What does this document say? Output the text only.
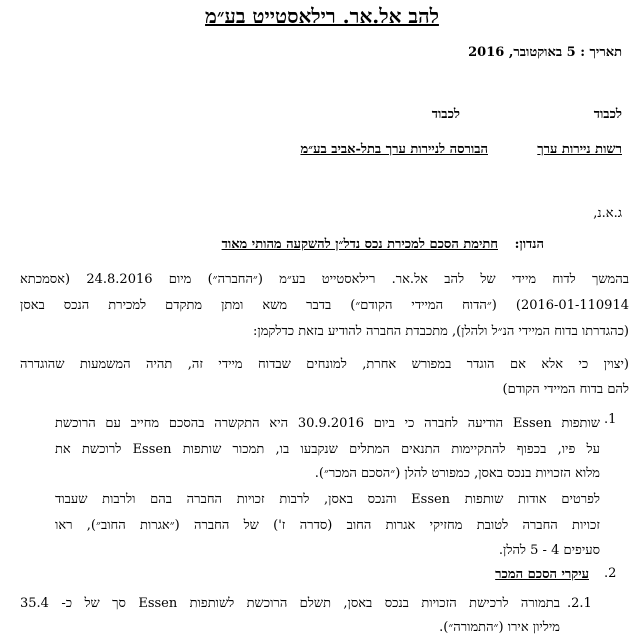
להב אל.אר. רילאסטייט בע״מ
תאריך : 5 באוקטובר, 2016
לכבוד
לכבוד
רשות ניירות ערך
הבורסה לניירות ערך בתל-אביב בע״מ
ג.א.נ,
הנדון:
חתימת הסכם למכירת נכס נדל״ן להשקעה מהותי מאוד
בהמשך לדוח מיידי של להב אל.אר. רילאסטייט בע״מ (״החברה״) מיום 24.8.2016 (אסמכתא
2016-01-110914) (״הדוח המיידי הקודם״) בדבר משא ומתן מתקדם למכירת הנכס באסן
(כהגדרתו בדוח המיידי הנ״ל ולהלן), מתכבדת החברה להודיע בזאת כדלקמן:
(יצוין כי אלא אם הוגדר במפורש אחרת, למונחים שבדוח מיידי זה, תהיה המשמעות שהוגדרה
להם בדוח המיידי הקודם)
.1
שותפות Essen הודיעה לחברה כי ביום 30.9.2016 היא התקשרה בהסכם מחייב עם הרוכשת
על פיו, בכפוף להתקיימות התנאים המתלים שנקבעו בו, תמכור שותפות Essen לרוכשת את
מלוא הזכויות בנכס באסן, כמפורט להלן (״הסכם המכר״).
לפרטים אודות שותפות Essen והנכס באסן, לרבות זכויות החברה בהם ולרבות שעבוד
זכויות החברה לטובת מחזיקי אגרות החוב (סדרה ז') של החברה (״אגרות החוב״), ראו
סעיפים 4 - 5 להלן.
.2
עיקרי הסכם המכר
.2.1
בתמורה לרכישת הזכויות בנכס באסן, תשלם הרוכשת לשותפות Essen סך של כ- 35.4
מיליון אירו (״התמורה״).
